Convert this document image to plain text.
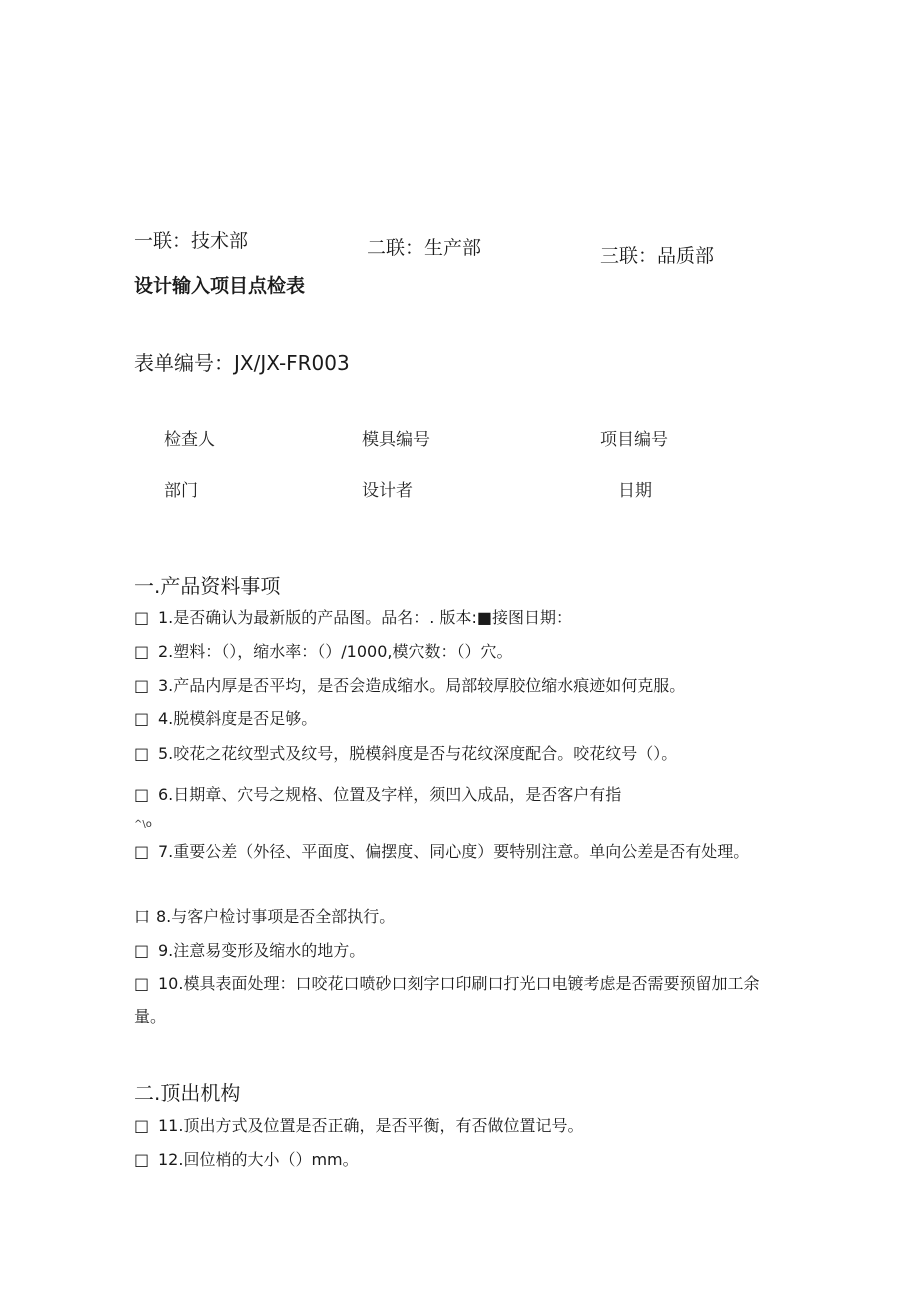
一联：技术部	二联：生产部	三联：品质部
设计输入项目点检表
表单编号：JX/JX-FR003
检查人	模具编号	项目编号
部门	设计者	日期
一.产品资料事项
□ 1.是否确认为最新版的产品图。品名：. 版本:■接图日期：
□ 2.塑料：（），缩水率：（）/1000,模穴数：（）穴。
□ 3.产品内厚是否平均，是否会造成缩水。局部较厚胶位缩水痕迹如何克服。
□ 4.脱模斜度是否足够。
□ 5.咬花之花纹型式及纹号，脱模斜度是否与花纹深度配合。咬花纹号（）。
□ 6.日期章、穴号之规格、位置及字样，须凹入成品，是否客户有指
^\o
□ 7.重要公差（外径、平面度、偏摆度、同心度）要特别注意。单向公差是否有处理。
口 8.与客户检讨事项是否全部执行。
□ 9.注意易变形及缩水的地方。
□ 10.模具表面处理：口咬花口喷砂口刻字口印刷口打光口电镀考虑是否需要预留加工余量。
二.顶出机构
□ 11.顶出方式及位置是否正确，是否平衡，有否做位置记号。
□ 12.回位梢的大小（）mm。
